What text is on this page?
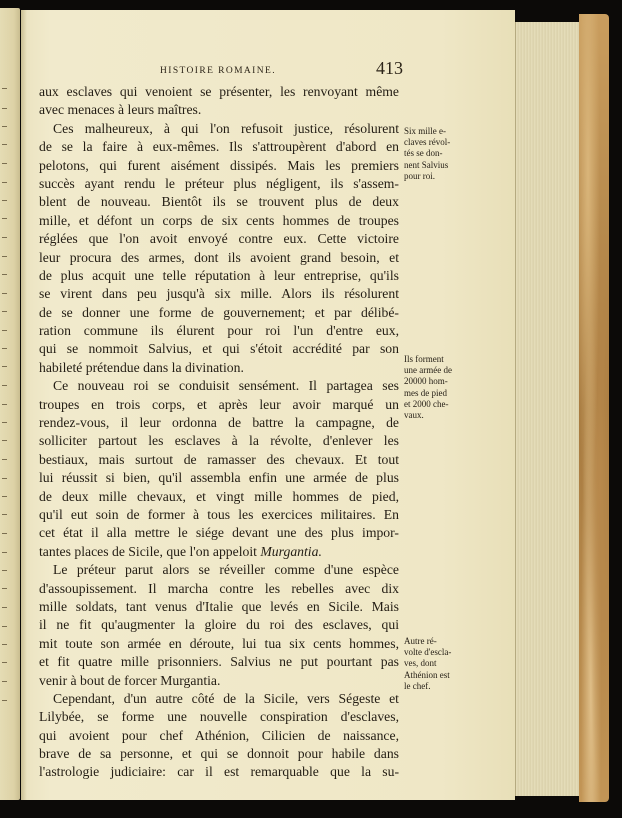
HISTOIRE ROMAINE.	413
aux esclaves qui venoient se présenter, les renvoyant même
avec menaces à leurs maîtres.
Ces malheureux, à qui l'on refusoit justice, résolurent
de se la faire à eux-mêmes. Ils s'attroupèrent d'abord en
pelotons, qui furent aisément dissipés. Mais les premiers
succès ayant rendu le préteur plus négligent, ils s'assem-
blent de nouveau. Bientôt ils se trouvent plus de deux
mille, et défont un corps de six cents hommes de troupes
réglées que l'on avoit envoyé contre eux. Cette victoire
leur procura des armes, dont ils avoient grand besoin, et
de plus acquit une telle réputation à leur entreprise, qu'ils
se virent dans peu jusqu'à six mille. Alors ils résolurent
de se donner une forme de gouvernement; et par délibé-
ration commune ils élurent pour roi l'un d'entre eux,
qui se nommoit Salvius, et qui s'étoit accrédité par son
habileté prétendue dans la divination.
Ce nouveau roi se conduisit sensément. Il partagea ses
troupes en trois corps, et après leur avoir marqué un
rendez-vous, il leur ordonna de battre la campagne, de
solliciter partout les esclaves à la révolte, d'enlever les
bestiaux, mais surtout de ramasser des chevaux. Et tout
lui réussit si bien, qu'il assembla enfin une armée de plus
de deux mille chevaux, et vingt mille hommes de pied,
qu'il eut soin de former à tous les exercices militaires. En
cet état il alla mettre le siége devant une des plus impor-
tantes places de Sicile, que l'on appeloit Murgantia.
Le préteur parut alors se réveiller comme d'une espèce
d'assoupissement. Il marcha contre les rebelles avec dix
mille soldats, tant venus d'Italie que levés en Sicile. Mais
il ne fit qu'augmenter la gloire du roi des esclaves, qui
mit toute son armée en déroute, lui tua six cents hommes,
et fit quatre mille prisonniers. Salvius ne put pourtant pas
venir à bout de forcer Murgantia.
Cependant, d'un autre côté de la Sicile, vers Ségeste et
Lilybée, se forme une nouvelle conspiration d'esclaves,
qui avoient pour chef Athénion, Cilicien de naissance,
brave de sa personne, et qui se donnoit pour habile dans
l'astrologie judiciaire: car il est remarquable que la su-
Six mille e-
claves révol-
tés se don-
nent Salvius
pour roi.
Ils forment
une armée de
20000 hom-
mes de pied
et 2000 che-
vaux.
Autre ré-
volte d'escla-
ves, dont
Athénion est
le chef.
